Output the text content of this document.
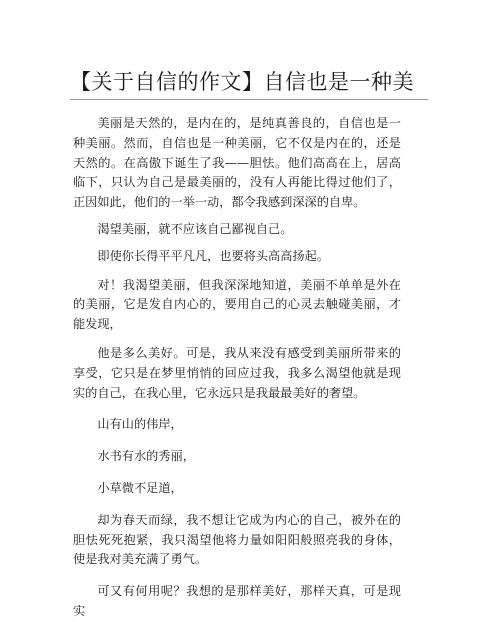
【关于自信的作文】自信也是一种美

美丽是天然的，是内在的，是纯真善良的，自信也是一种美丽。然而，自信也是一种美丽，它不仅是内在的，还是天然的。在高傲下诞生了我——胆怯。他们高高在上，居高临下，只认为自己是最美丽的，没有人再能比得过他们了，正因如此，他们的一举一动，都令我感到深深的自卑。

渴望美丽，就不应该自己鄙视自己。

即使你长得平平凡凡，也要将头高高扬起。

对！我渴望美丽，但我深深地知道，美丽不单单是外在的美丽，它是发自内心的，要用自己的心灵去触碰美丽，才能发现，

他是多么美好。可是，我从来没有感受到美丽所带来的享受，它只是在梦里悄悄的回应过我，我多么渴望他就是现实的自己，在我心里，它永远只是我最最美好的奢望。

山有山的伟岸，

水书有水的秀丽，

小草微不足道，

却为春天而绿，我不想让它成为内心的自己，被外在的胆怯死死抱紧，我只渴望他将力量如阳阳般照亮我的身体，使是我对美充满了勇气。

可又有何用呢？我想的是那样美好，那样天真，可是现实
